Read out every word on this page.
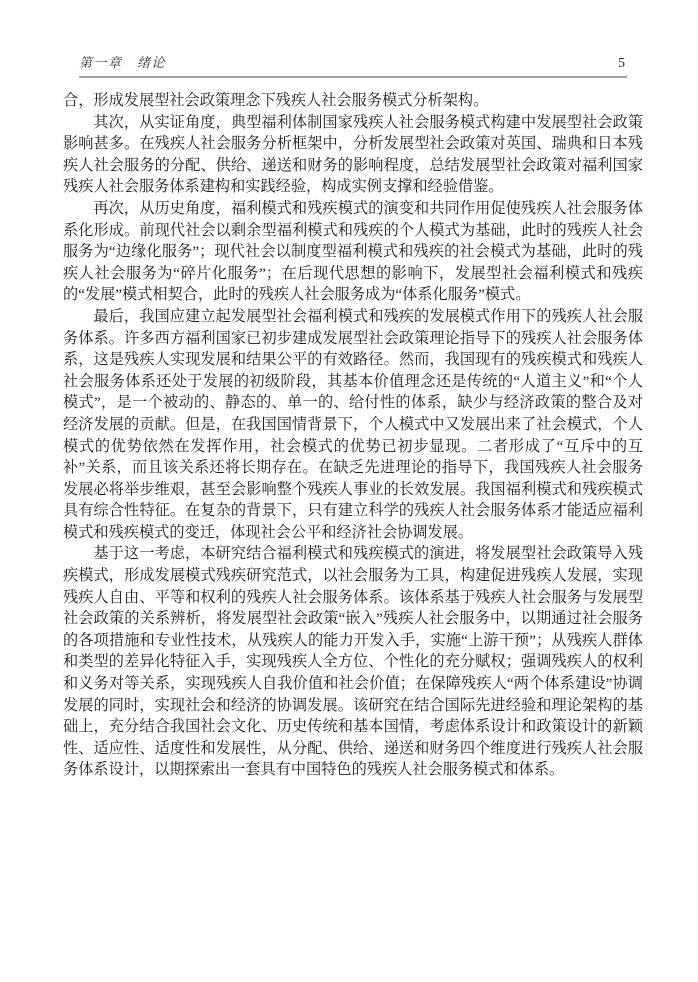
第一章　绪论	5

合，形成发展型社会政策理念下残疾人社会服务模式分析架构。

其次，从实证角度，典型福利体制国家残疾人社会服务模式构建中发展型社会政策影响甚多。在残疾人社会服务分析框架中，分析发展型社会政策对英国、瑞典和日本残疾人社会服务的分配、供给、递送和财务的影响程度，总结发展型社会政策对福利国家残疾人社会服务体系建构和实践经验，构成实例支撑和经验借鉴。

再次，从历史角度，福利模式和残疾模式的演变和共同作用促使残疾人社会服务体系化形成。前现代社会以剩余型福利模式和残疾的个人模式为基础，此时的残疾人社会服务为“边缘化服务”；现代社会以制度型福利模式和残疾的社会模式为基础，此时的残疾人社会服务为“碎片化服务”；在后现代思想的影响下，发展型社会福利模式和残疾的“发展”模式相契合，此时的残疾人社会服务成为“体系化服务”模式。

最后，我国应建立起发展型社会福利模式和残疾的发展模式作用下的残疾人社会服务体系。许多西方福利国家已初步建成发展型社会政策理论指导下的残疾人社会服务体系，这是残疾人实现发展和结果公平的有效路径。然而，我国现有的残疾模式和残疾人社会服务体系还处于发展的初级阶段，其基本价值理念还是传统的“人道主义”和“个人模式”，是一个被动的、静态的、单一的、给付性的体系，缺少与经济政策的整合及对经济发展的贡献。但是，在我国国情背景下，个人模式中又发展出来了社会模式，个人模式的优势依然在发挥作用，社会模式的优势已初步显现。二者形成了“互斥中的互补”关系，而且该关系还将长期存在。在缺乏先进理论的指导下，我国残疾人社会服务发展必将举步维艰，甚至会影响整个残疾人事业的长效发展。我国福利模式和残疾模式具有综合性特征。在复杂的背景下，只有建立科学的残疾人社会服务体系才能适应福利模式和残疾模式的变迁，体现社会公平和经济社会协调发展。

基于这一考虑，本研究结合福利模式和残疾模式的演进，将发展型社会政策导入残疾模式，形成发展模式残疾研究范式，以社会服务为工具，构建促进残疾人发展，实现残疾人自由、平等和权利的残疾人社会服务体系。该体系基于残疾人社会服务与发展型社会政策的关系辨析，将发展型社会政策“嵌入”残疾人社会服务中，以期通过社会服务的各项措施和专业性技术，从残疾人的能力开发入手，实施“上游干预”；从残疾人群体和类型的差异化特征入手，实现残疾人全方位、个性化的充分赋权；强调残疾人的权利和义务对等关系，实现残疾人自我价值和社会价值；在保障残疾人“两个体系建设”协调发展的同时，实现社会和经济的协调发展。该研究在结合国际先进经验和理论架构的基础上，充分结合我国社会文化、历史传统和基本国情，考虑体系设计和政策设计的新颖性、适应性、适度性和发展性，从分配、供给、递送和财务四个维度进行残疾人社会服务体系设计，以期探索出一套具有中国特色的残疾人社会服务模式和体系。
